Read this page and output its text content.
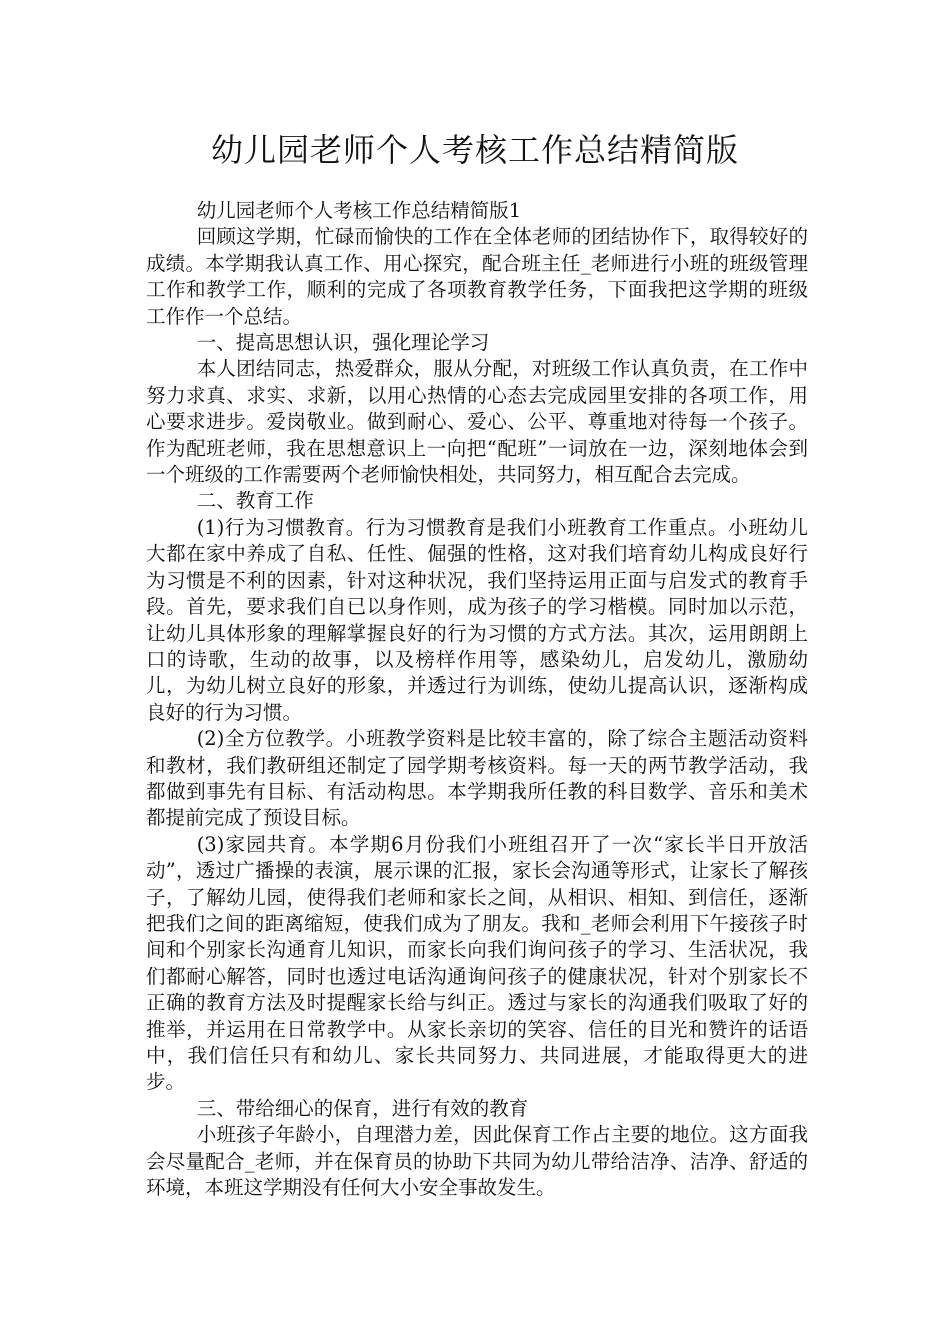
幼儿园老师个人考核工作总结精简版

幼儿园老师个人考核工作总结精简版1

回顾这学期，忙碌而愉快的工作在全体老师的团结协作下，取得较好的成绩。本学期我认真工作、用心探究，配合班主任_老师进行小班的班级管理工作和教学工作，顺利的完成了各项教育教学任务，下面我把这学期的班级工作作一个总结。

一、提高思想认识，强化理论学习

本人团结同志，热爱群众，服从分配，对班级工作认真负责，在工作中努力求真、求实、求新，以用心热情的心态去完成园里安排的各项工作，用心要求进步。爱岗敬业。做到耐心、爱心、公平、尊重地对待每一个孩子。作为配班老师，我在思想意识上一向把“配班”一词放在一边，深刻地体会到一个班级的工作需要两个老师愉快相处，共同努力，相互配合去完成。

二、教育工作

(1)行为习惯教育。行为习惯教育是我们小班教育工作重点。小班幼儿大都在家中养成了自私、任性、倔强的性格，这对我们培育幼儿构成良好行为习惯是不利的因素，针对这种状况，我们坚持运用正面与启发式的教育手段。首先，要求我们自已以身作则，成为孩子的学习楷模。同时加以示范，让幼儿具体形象的理解掌握良好的行为习惯的方式方法。其次，运用朗朗上口的诗歌，生动的故事，以及榜样作用等，感染幼儿，启发幼儿，激励幼儿，为幼儿树立良好的形象，并透过行为训练，使幼儿提高认识，逐渐构成良好的行为习惯。

(2)全方位教学。小班教学资料是比较丰富的，除了综合主题活动资料和教材，我们教研组还制定了园学期考核资料。每一天的两节教学活动，我都做到事先有目标、有活动构思。本学期我所任教的科目数学、音乐和美术都提前完成了预设目标。

(3)家园共育。本学期6月份我们小班组召开了一次“家长半日开放活动”，透过广播操的表演，展示课的汇报，家长会沟通等形式，让家长了解孩子，了解幼儿园，使得我们老师和家长之间，从相识、相知、到信任，逐渐把我们之间的距离缩短，使我们成为了朋友。我和_老师会利用下午接孩子时间和个别家长沟通育儿知识，而家长向我们询问孩子的学习、生活状况，我们都耐心解答，同时也透过电话沟通询问孩子的健康状况，针对个别家长不正确的教育方法及时提醒家长给与纠正。透过与家长的沟通我们吸取了好的推举，并运用在日常教学中。从家长亲切的笑容、信任的目光和赞许的话语中，我们信任只有和幼儿、家长共同努力、共同进展，才能取得更大的进步。

三、带给细心的保育，进行有效的教育

小班孩子年龄小，自理潜力差，因此保育工作占主要的地位。这方面我会尽量配合_老师，并在保育员的协助下共同为幼儿带给洁净、洁净、舒适的环境，本班这学期没有任何大小安全事故发生。
